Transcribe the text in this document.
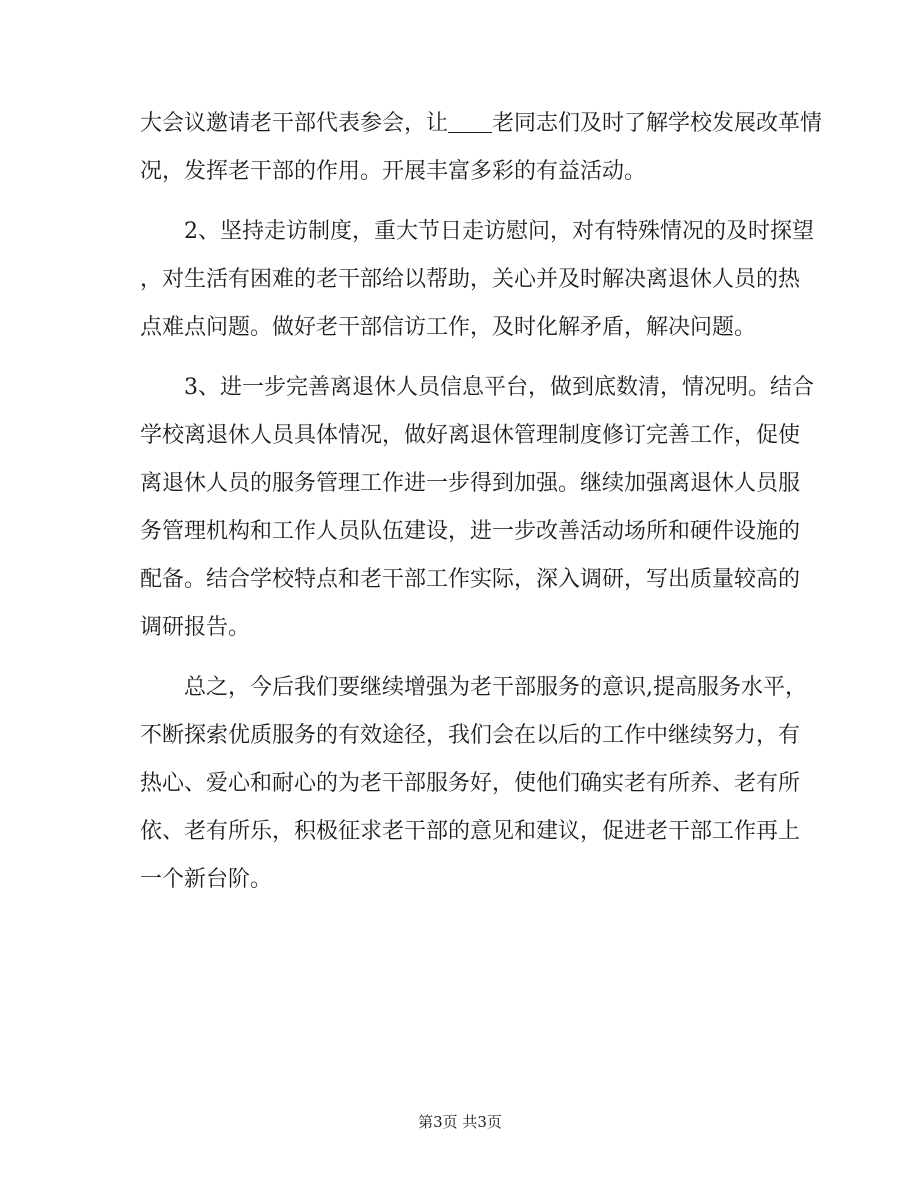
大会议邀请老干部代表参会，让 老同志们及时了解学校发展改革情
况，发挥老干部的作用。开展丰富多彩的有益活动。
2、坚持走访制度，重大节日走访慰问，对有特殊情况的及时探望
，对生活有困难的老干部给以帮助，关心并及时解决离退休人员的热
点难点问题。做好老干部信访工作，及时化解矛盾，解决问题。
3、进一步完善离退休人员信息平台，做到底数清，情况明。结合
学校离退休人员具体情况，做好离退休管理制度修订完善工作，促使
离退休人员的服务管理工作进一步得到加强。继续加强离退休人员服
务管理机构和工作人员队伍建设，进一步改善活动场所和硬件设施的
配备。结合学校特点和老干部工作实际，深入调研，写出质量较高的
调研报告。
总之，今后我们要继续增强为老干部服务的意识,提高服务水平，
不断探索优质服务的有效途径，我们会在以后的工作中继续努力，有
热心、爱心和耐心的为老干部服务好，使他们确实老有所养、老有所
依、老有所乐，积极征求老干部的意见和建议，促进老干部工作再上
一个新台阶。
第3页 共3页
